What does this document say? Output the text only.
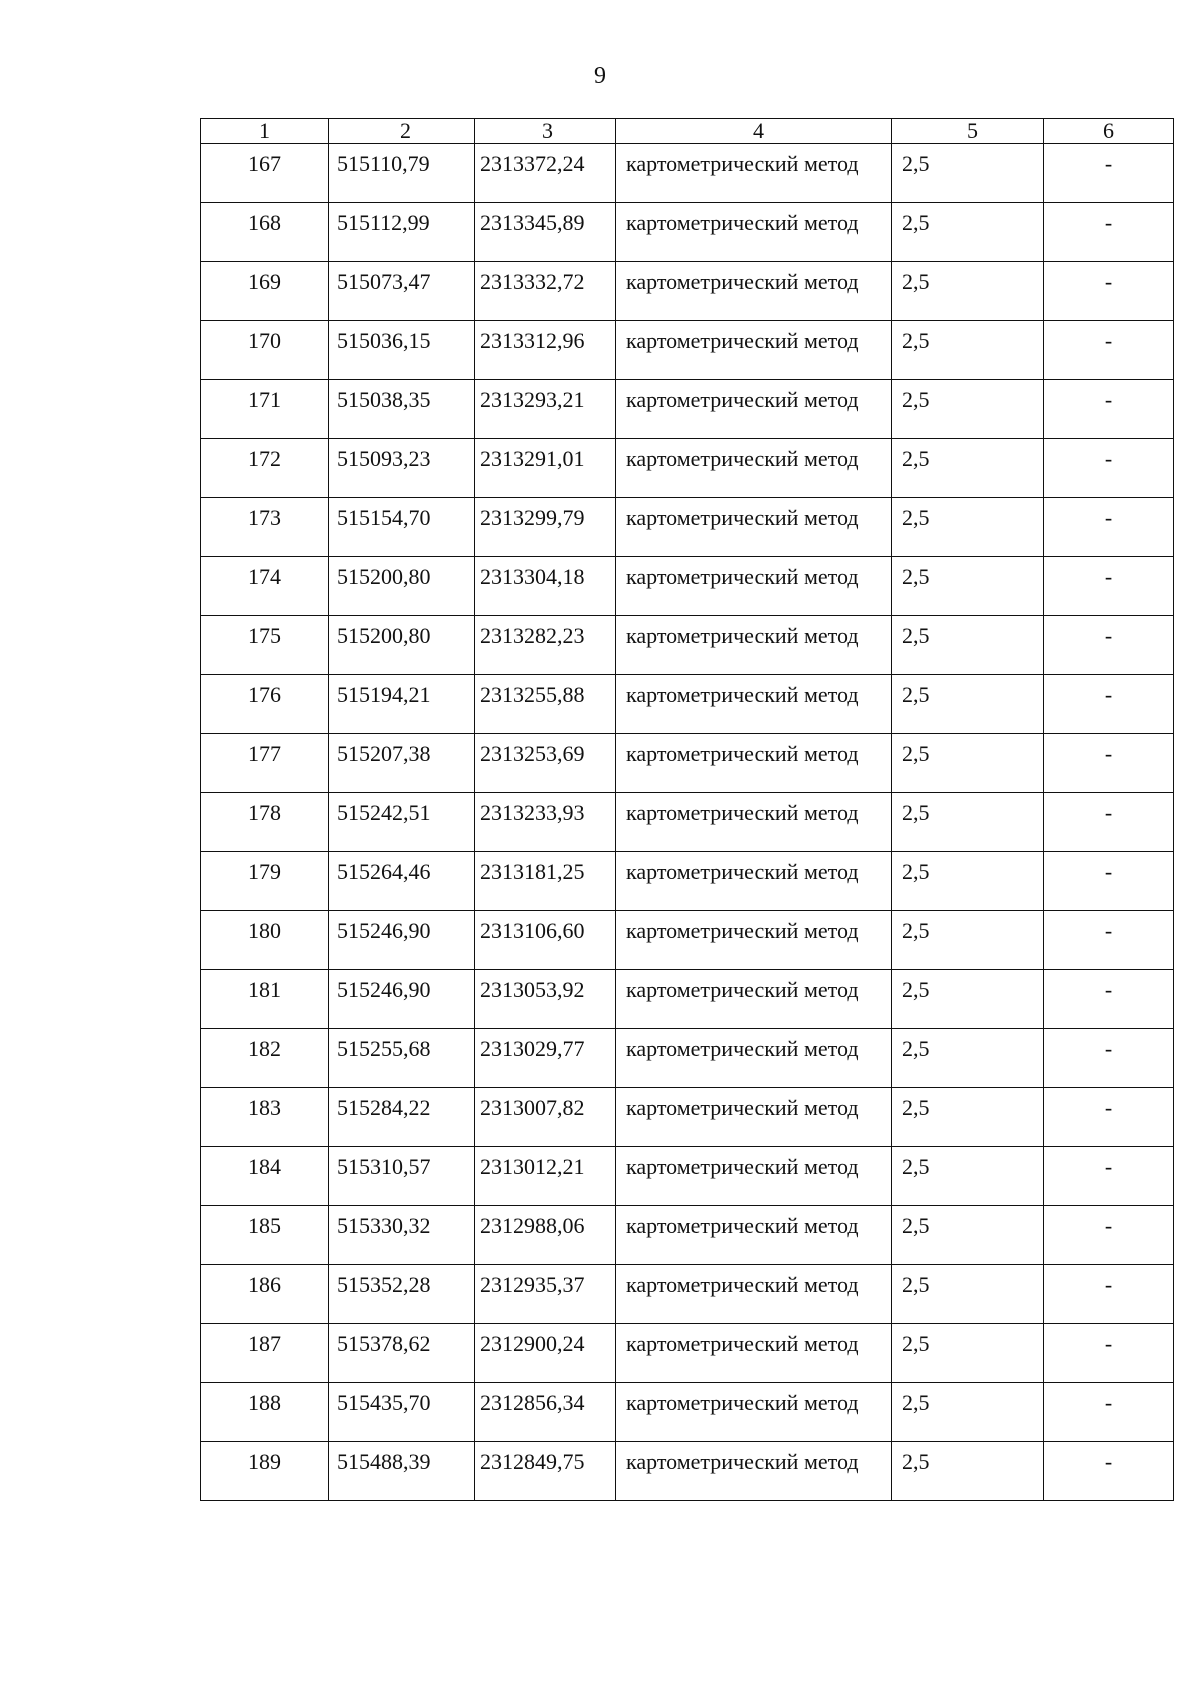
9
1	2	3	4	5	6
167	515110,79	2313372,24	картометрический метод	2,5	-
168	515112,99	2313345,89	картометрический метод	2,5	-
169	515073,47	2313332,72	картометрический метод	2,5	-
170	515036,15	2313312,96	картометрический метод	2,5	-
171	515038,35	2313293,21	картометрический метод	2,5	-
172	515093,23	2313291,01	картометрический метод	2,5	-
173	515154,70	2313299,79	картометрический метод	2,5	-
174	515200,80	2313304,18	картометрический метод	2,5	-
175	515200,80	2313282,23	картометрический метод	2,5	-
176	515194,21	2313255,88	картометрический метод	2,5	-
177	515207,38	2313253,69	картометрический метод	2,5	-
178	515242,51	2313233,93	картометрический метод	2,5	-
179	515264,46	2313181,25	картометрический метод	2,5	-
180	515246,90	2313106,60	картометрический метод	2,5	-
181	515246,90	2313053,92	картометрический метод	2,5	-
182	515255,68	2313029,77	картометрический метод	2,5	-
183	515284,22	2313007,82	картометрический метод	2,5	-
184	515310,57	2313012,21	картометрический метод	2,5	-
185	515330,32	2312988,06	картометрический метод	2,5	-
186	515352,28	2312935,37	картометрический метод	2,5	-
187	515378,62	2312900,24	картометрический метод	2,5	-
188	515435,70	2312856,34	картометрический метод	2,5	-
189	515488,39	2312849,75	картометрический метод	2,5	-
